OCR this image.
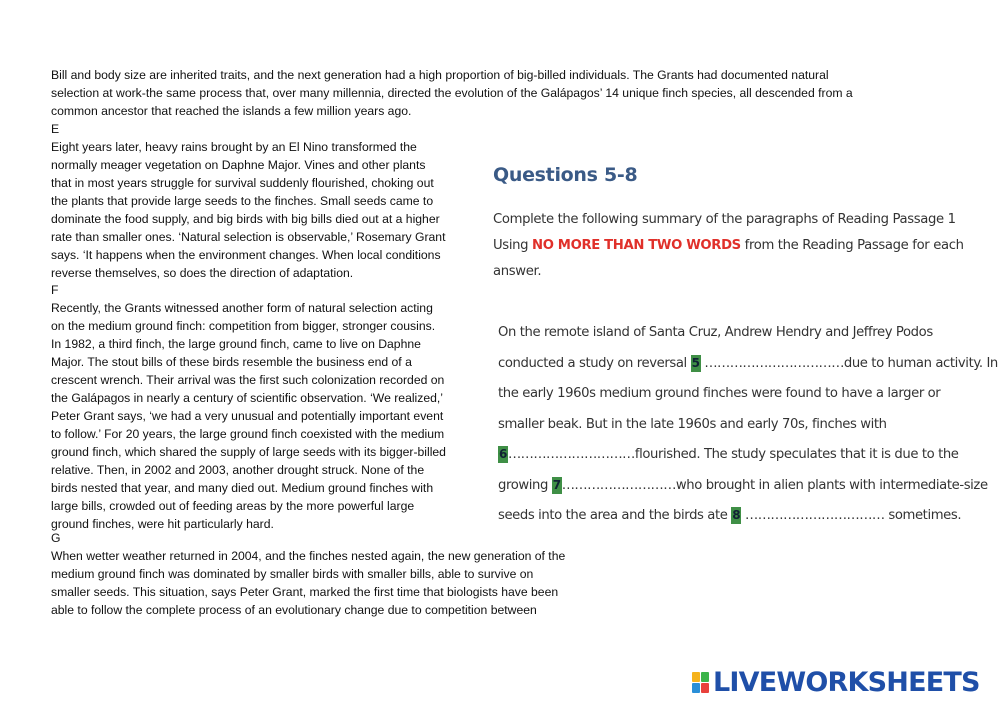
Bill and body size are inherited traits, and the next generation had a high proportion of big-billed individuals. The Grants had documented natural
selection at work-the same process that, over many millennia, directed the evolution of the Galápagos’ 14 unique finch species, all descended from a
common ancestor that reached the islands a few million years ago.
E
Eight years later, heavy rains brought by an El Nino transformed the
normally meager vegetation on Daphne Major. Vines and other plants
that in most years struggle for survival suddenly flourished, choking out
the plants that provide large seeds to the finches. Small seeds came to
dominate the food supply, and big birds with big bills died out at a higher
rate than smaller ones. ‘Natural selection is observable,’ Rosemary Grant
says. ‘It happens when the environment changes. When local conditions
reverse themselves, so does the direction of adaptation.
F
Recently, the Grants witnessed another form of natural selection acting
on the medium ground finch: competition from bigger, stronger cousins.
In 1982, a third finch, the large ground finch, came to live on Daphne
Major. The stout bills of these birds resemble the business end of a
crescent wrench. Their arrival was the first such colonization recorded on
the Galápagos in nearly a century of scientific observation. ‘We realized,’
Peter Grant says, ‘we had a very unusual and potentially important event
to follow.’ For 20 years, the large ground finch coexisted with the medium
ground finch, which shared the supply of large seeds with its bigger-billed
relative. Then, in 2002 and 2003, another drought struck. None of the
birds nested that year, and many died out. Medium ground finches with
large bills, crowded out of feeding areas by the more powerful large
ground finches, were hit particularly hard.
G
When wetter weather returned in 2004, and the finches nested again, the new generation of the
medium ground finch was dominated by smaller birds with smaller bills, able to survive on
smaller seeds. This situation, says Peter Grant, marked the first time that biologists have been
able to follow the complete process of an evolutionary change due to competition between
Questions 5-8
Complete the following summary of the paragraphs of Reading Passage 1
Using NO MORE THAN TWO WORDS from the Reading Passage for each
answer.
On the remote island of Santa Cruz, Andrew Hendry and Jeffrey Podos
conducted a study on reversal 5 ……………………………due to human activity. In
the early 1960s medium ground finches were found to have a larger or
smaller beak. But in the late 1960s and early 70s, finches with
6…………………………flourished. The study speculates that it is due to the
growing 7………………………who brought in alien plants with intermediate-size
seeds into the area and the birds ate 8 …………………………… sometimes.
LIVEWORKSHEETS
